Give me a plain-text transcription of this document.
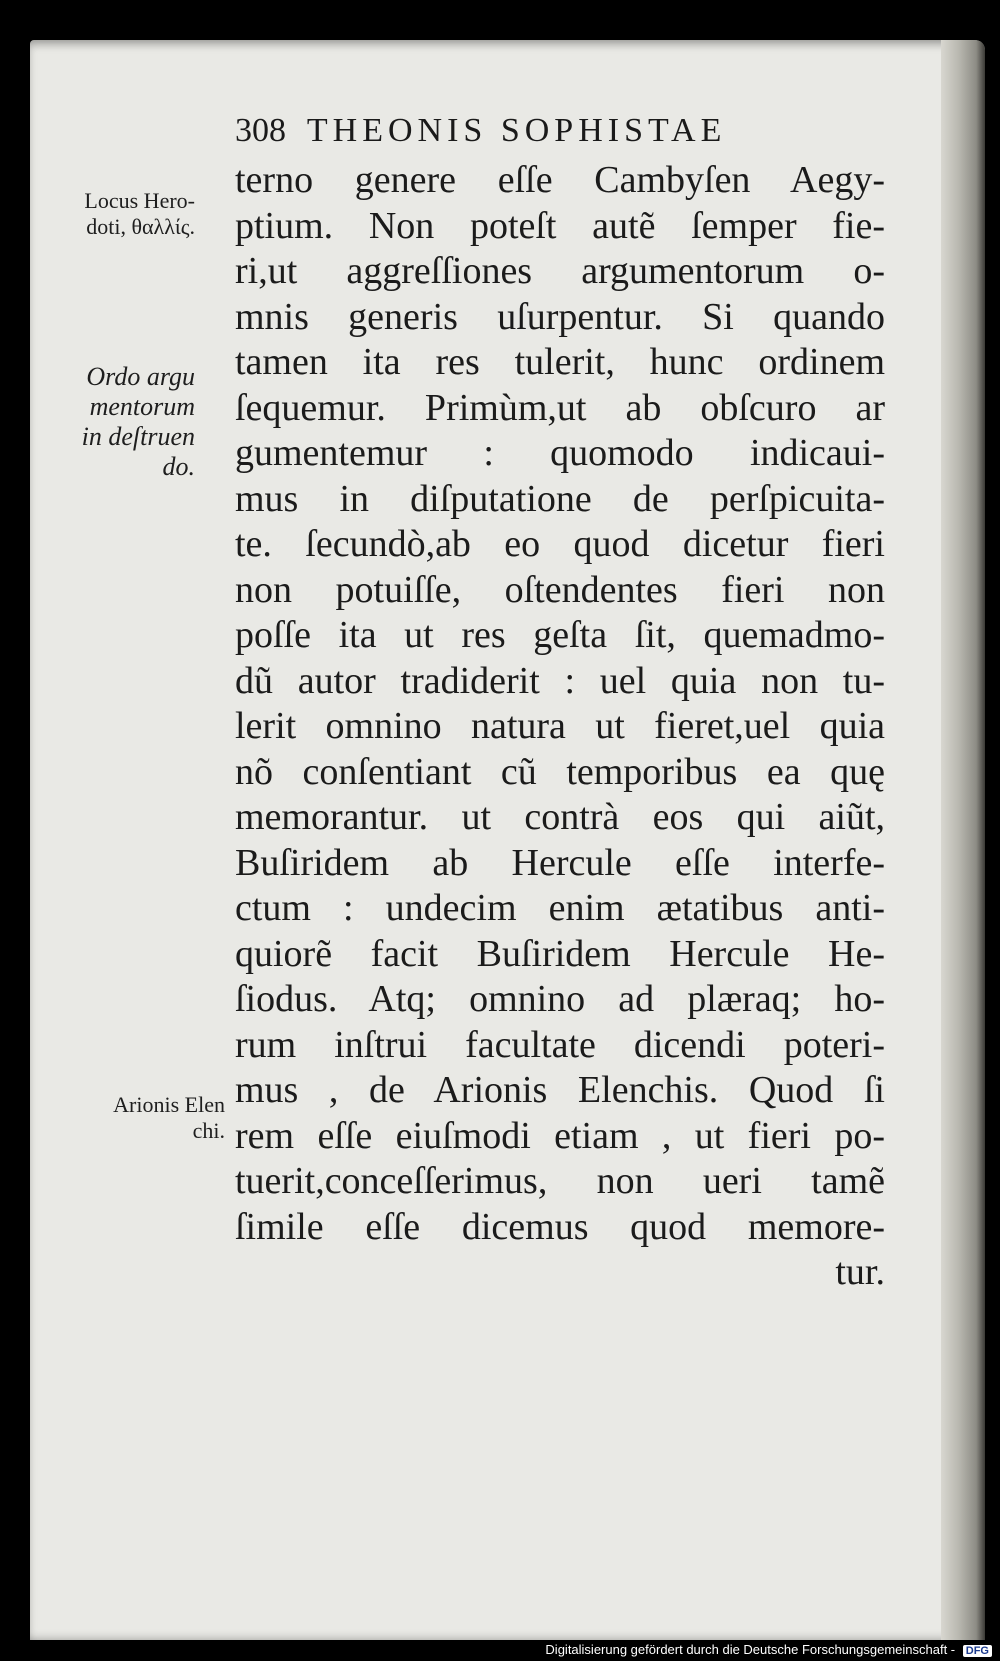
308 THEONIS SOPHISTAE
Locus Hero-
doti, θαλλίς.
Ordo argu
mentorum
in deſtruen
do.
Arionis Elen
chi.
terno genere eſſe Cambyſen Aegy-
ptium. Non poteſt autẽ ſemper fie-
ri,ut aggreſſiones argumentorum o-
mnis generis uſurpentur. Si quando
tamen ita res tulerit, hunc ordinem
ſequemur. Primùm,ut ab obſcuro ar
gumentemur : quomodo indicaui-
mus in diſputatione de perſpicuita-
te. ſecundò,ab eo quod dicetur fieri
non potuiſſe, oſtendentes fieri non
poſſe ita ut res geſta ſit, quemadmo-
dũ autor tradiderit : uel quia non tu-
lerit omnino natura ut fieret,uel quia
nõ conſentiant cũ temporibus ea quę
memorantur. ut contrà eos qui aiũt,
Buſiridem ab Hercule eſſe interfe-
ctum : undecim enim ætatibus anti-
quiorẽ facit Buſiridem Hercule He-
ſiodus. Atq; omnino ad plæraq; ho-
rum inſtrui facultate dicendi poteri-
mus , de Arionis Elenchis. Quod ſi
rem eſſe eiuſmodi etiam , ut fieri po-
tuerit,conceſſerimus, non ueri tamẽ
ſimile eſſe dicemus quod memore-
tur.
Digitalisierung gefördert durch die Deutsche Forschungsgemeinschaft - DFG
